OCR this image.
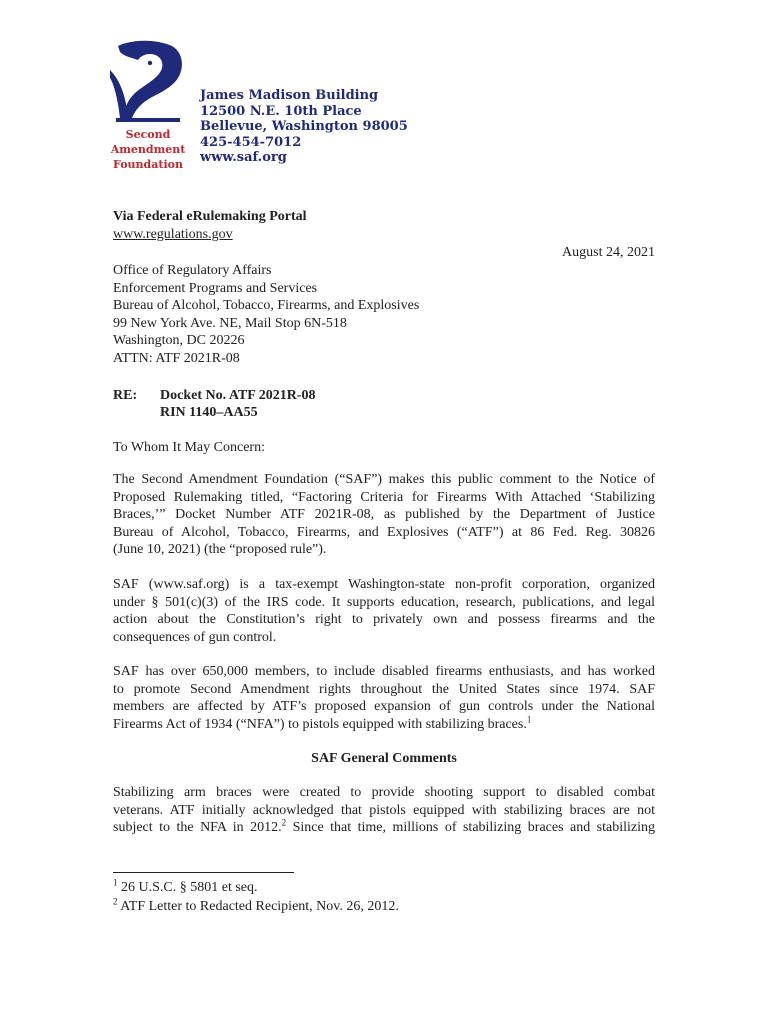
Second
Amendment
Foundation
James Madison Building
12500 N.E. 10th Place
Bellevue, Washington 98005
425-454-7012
www.saf.org
Via Federal eRulemaking Portal
www.regulations.gov
August 24, 2021
Office of Regulatory Affairs
Enforcement Programs and Services
Bureau of Alcohol, Tobacco, Firearms, and Explosives
99 New York Ave. NE, Mail Stop 6N-518
Washington, DC 20226
ATTN: ATF 2021R-08
RE: Docket No. ATF 2021R-08
RIN 1140–AA55
To Whom It May Concern:
The Second Amendment Foundation (“SAF”) makes this public comment to the Notice of
Proposed Rulemaking titled, “Factoring Criteria for Firearms With Attached ‘Stabilizing
Braces,’” Docket Number ATF 2021R-08, as published by the Department of Justice
Bureau of Alcohol, Tobacco, Firearms, and Explosives (“ATF”) at 86 Fed. Reg. 30826
(June 10, 2021) (the “proposed rule”).
SAF (www.saf.org) is a tax-exempt Washington-state non-profit corporation, organized
under § 501(c)(3) of the IRS code. It supports education, research, publications, and legal
action about the Constitution’s right to privately own and possess firearms and the
consequences of gun control.
SAF has over 650,000 members, to include disabled firearms enthusiasts, and has worked
to promote Second Amendment rights throughout the United States since 1974. SAF
members are affected by ATF’s proposed expansion of gun controls under the National
Firearms Act of 1934 (“NFA”) to pistols equipped with stabilizing braces.$^1$
SAF General Comments
Stabilizing arm braces were created to provide shooting support to disabled combat
veterans. ATF initially acknowledged that pistols equipped with stabilizing braces are not
subject to the NFA in 2012.$^2$ Since that time, millions of stabilizing braces and stabilizing
$^1$ 26 U.S.C. § 5801 et seq.
$^2$ ATF Letter to Redacted Recipient, Nov. 26, 2012.
